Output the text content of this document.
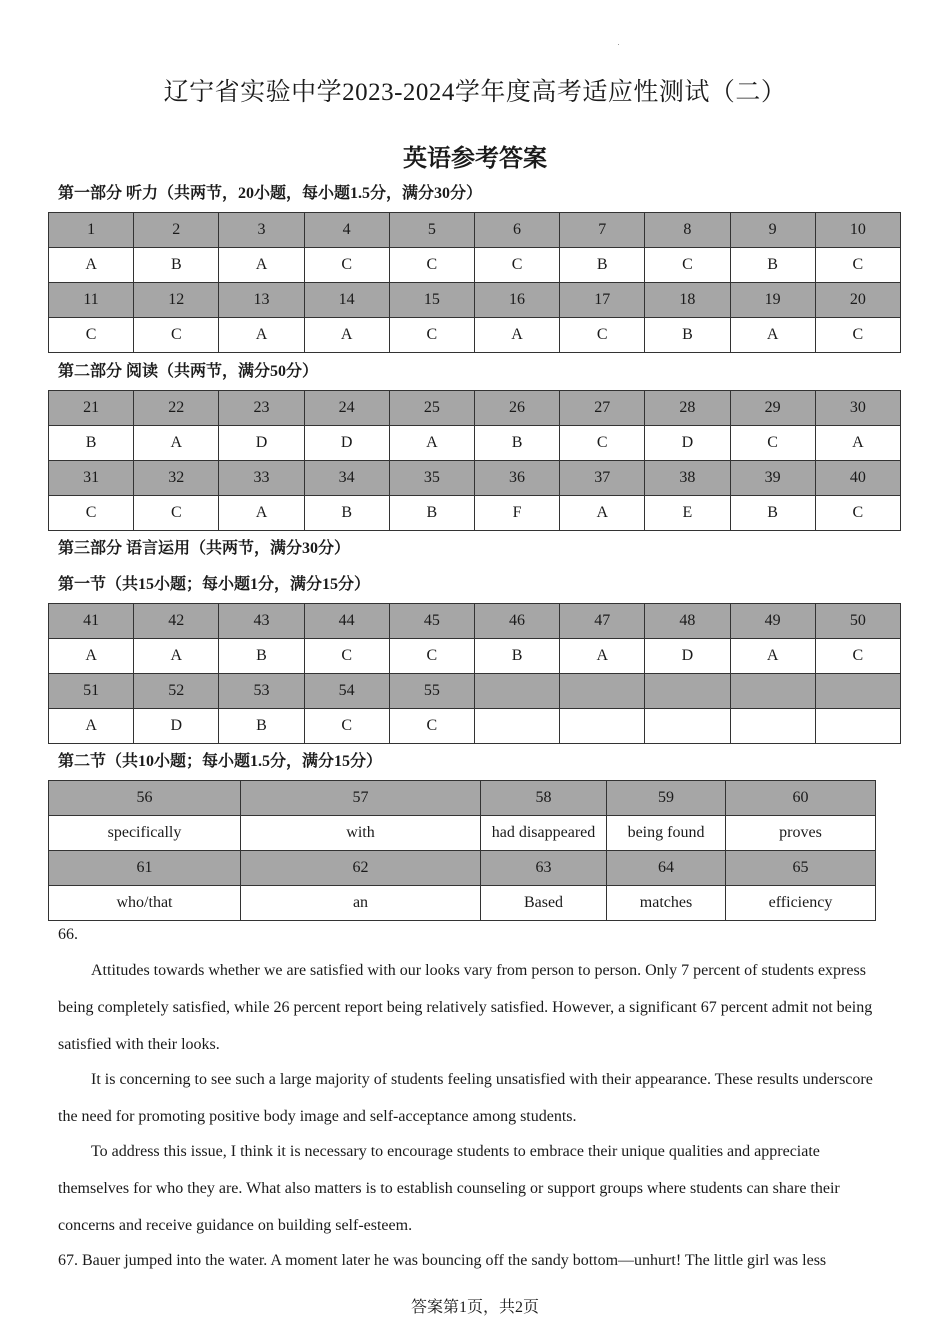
辽宁省实验中学2023-2024学年度高考适应性测试（二）
英语参考答案
第一部分 听力（共两节，20小题，每小题1.5分，满分30分）
1	2	3	4	5	6	7	8	9	10
A	B	A	C	C	C	B	C	B	C
11	12	13	14	15	16	17	18	19	20
C	C	A	A	C	A	C	B	A	C
第二部分 阅读（共两节，满分50分）
21	22	23	24	25	26	27	28	29	30
B	A	D	D	A	B	C	D	C	A
31	32	33	34	35	36	37	38	39	40
C	C	A	B	B	F	A	E	B	C
第三部分 语言运用（共两节，满分30分）
第一节（共15小题；每小题1分，满分15分）
41	42	43	44	45	46	47	48	49	50
A	A	B	C	C	B	A	D	A	C
51	52	53	54	55					
A	D	B	C	C					
第二节（共10小题；每小题1.5分，满分15分）
56	57	58	59	60
specifically	with	had disappeared	being found	proves
61	62	63	64	65
who/that	an	Based	matches	efficiency
66.

Attitudes towards whether we are satisfied with our looks vary from person to person. Only 7 percent of students express being completely satisfied, while 26 percent report being relatively satisfied. However, a significant 67 percent admit not being satisfied with their looks.

It is concerning to see such a large majority of students feeling unsatisfied with their appearance. These results underscore the need for promoting positive body image and self-acceptance among students.

To address this issue, I think it is necessary to encourage students to embrace their unique qualities and appreciate themselves for who they are. What also matters is to establish counseling or support groups where students can share their concerns and receive guidance on building self-esteem.

67. Bauer jumped into the water. A moment later he was bouncing off the sandy bottom—unhurt! The little girl was less
答案第1页，共2页
